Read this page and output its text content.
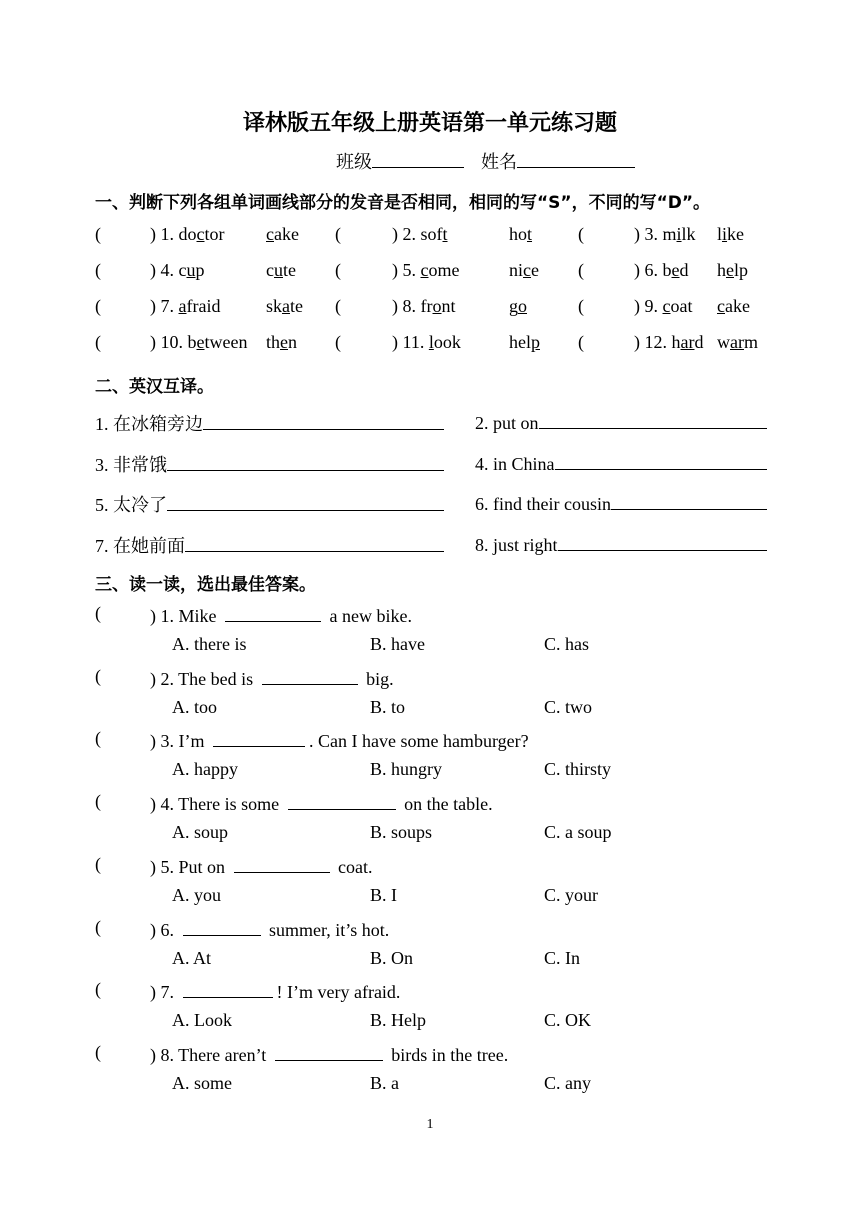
译林版五年级上册英语第一单元练习题
班级	姓名
一、判断下列各组单词画线部分的发音是否相同，相同的写“S”，不同的写“D”。
(	) 1. doctor cake (	) 2. soft	hot	(	) 3. milk like
(	) 4. cup	cute (	) 5. come	nice (	) 6. bed help
(	) 7. afraid	skate (	) 8. front	go	(	) 9. coat cake
(	) 10. between then (	) 11. look	help (	) 12. hard warm
二、英汉互译。
1. 在冰箱旁边	2. put on
3. 非常饿	4. in China
5. 太冷了	6. find their cousin
7. 在她前面	8. just right
三、读一读，选出最佳答案。
(	) 1. Mike	a new bike.
A. there is	B. have	C. has
(	) 2. The bed is	big.
A. too	B. to	C. two
(	) 3. I’m	. Can I have some hamburger?
A. happy	B. hungry	C. thirsty
(	) 4. There is some	on the table.
A. soup	B. soups	C. a soup
(	) 5. Put on	coat.
A. you	B. I	C. your
(	) 6.	summer, it’s hot.
A. At	B. On	C. In
(	) 7.	! I’m very afraid.
A. Look	B. Help	C. OK
(	) 8. There aren’t	birds in the tree.
A. some	B. a	C. any
1
